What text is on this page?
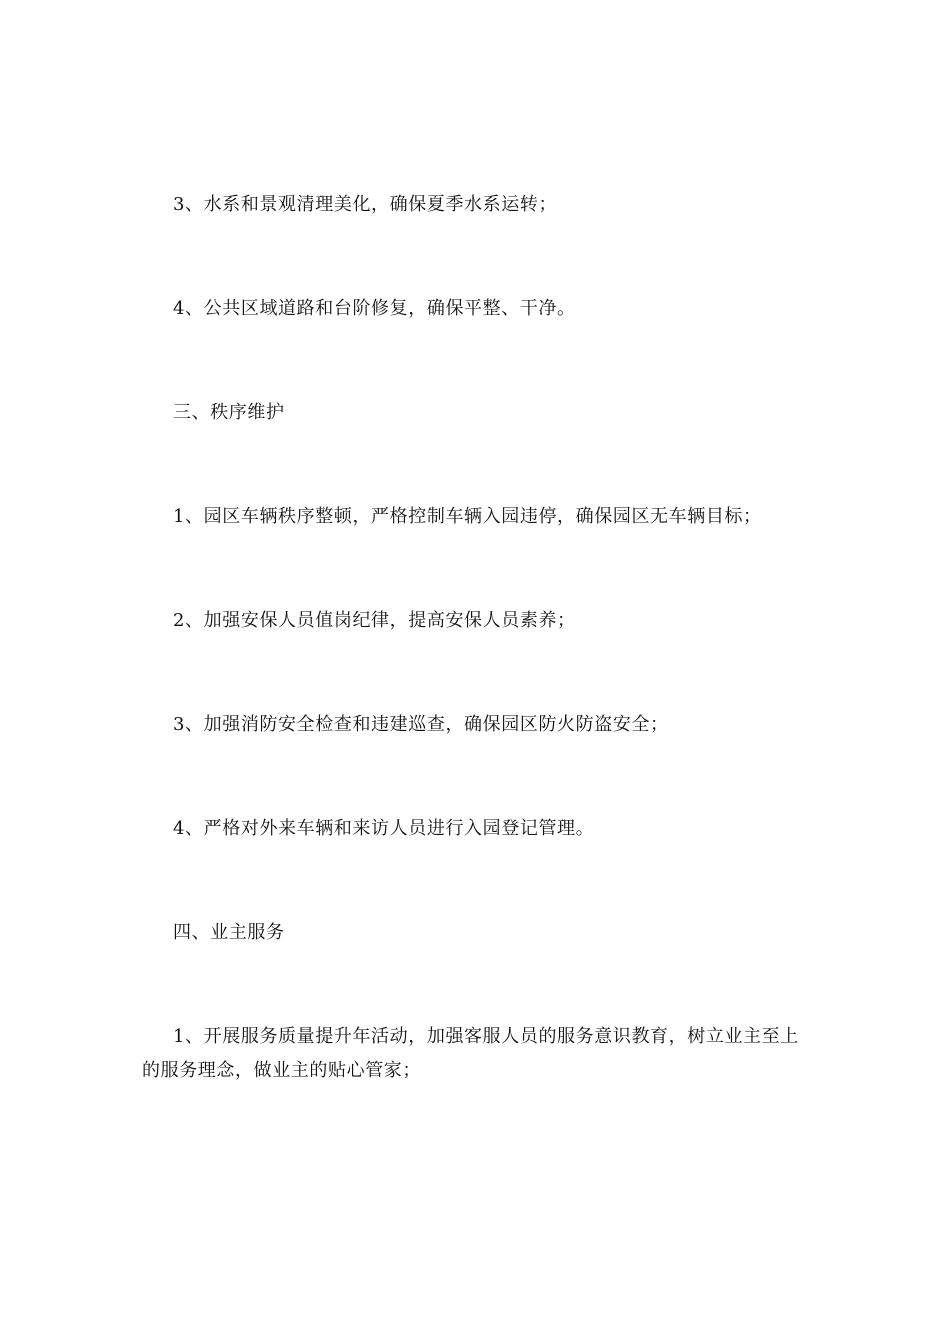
3、水系和景观清理美化，确保夏季水系运转；

4、公共区域道路和台阶修复，确保平整、干净。

三、秩序维护

1、园区车辆秩序整顿，严格控制车辆入园违停，确保园区无车辆目标；

2、加强安保人员值岗纪律，提高安保人员素养；

3、加强消防安全检查和违建巡查，确保园区防火防盗安全；

4、严格对外来车辆和来访人员进行入园登记管理。

四、业主服务

1、开展服务质量提升年活动，加强客服人员的服务意识教育，树立业主至上的服务理念，做业主的贴心管家；
